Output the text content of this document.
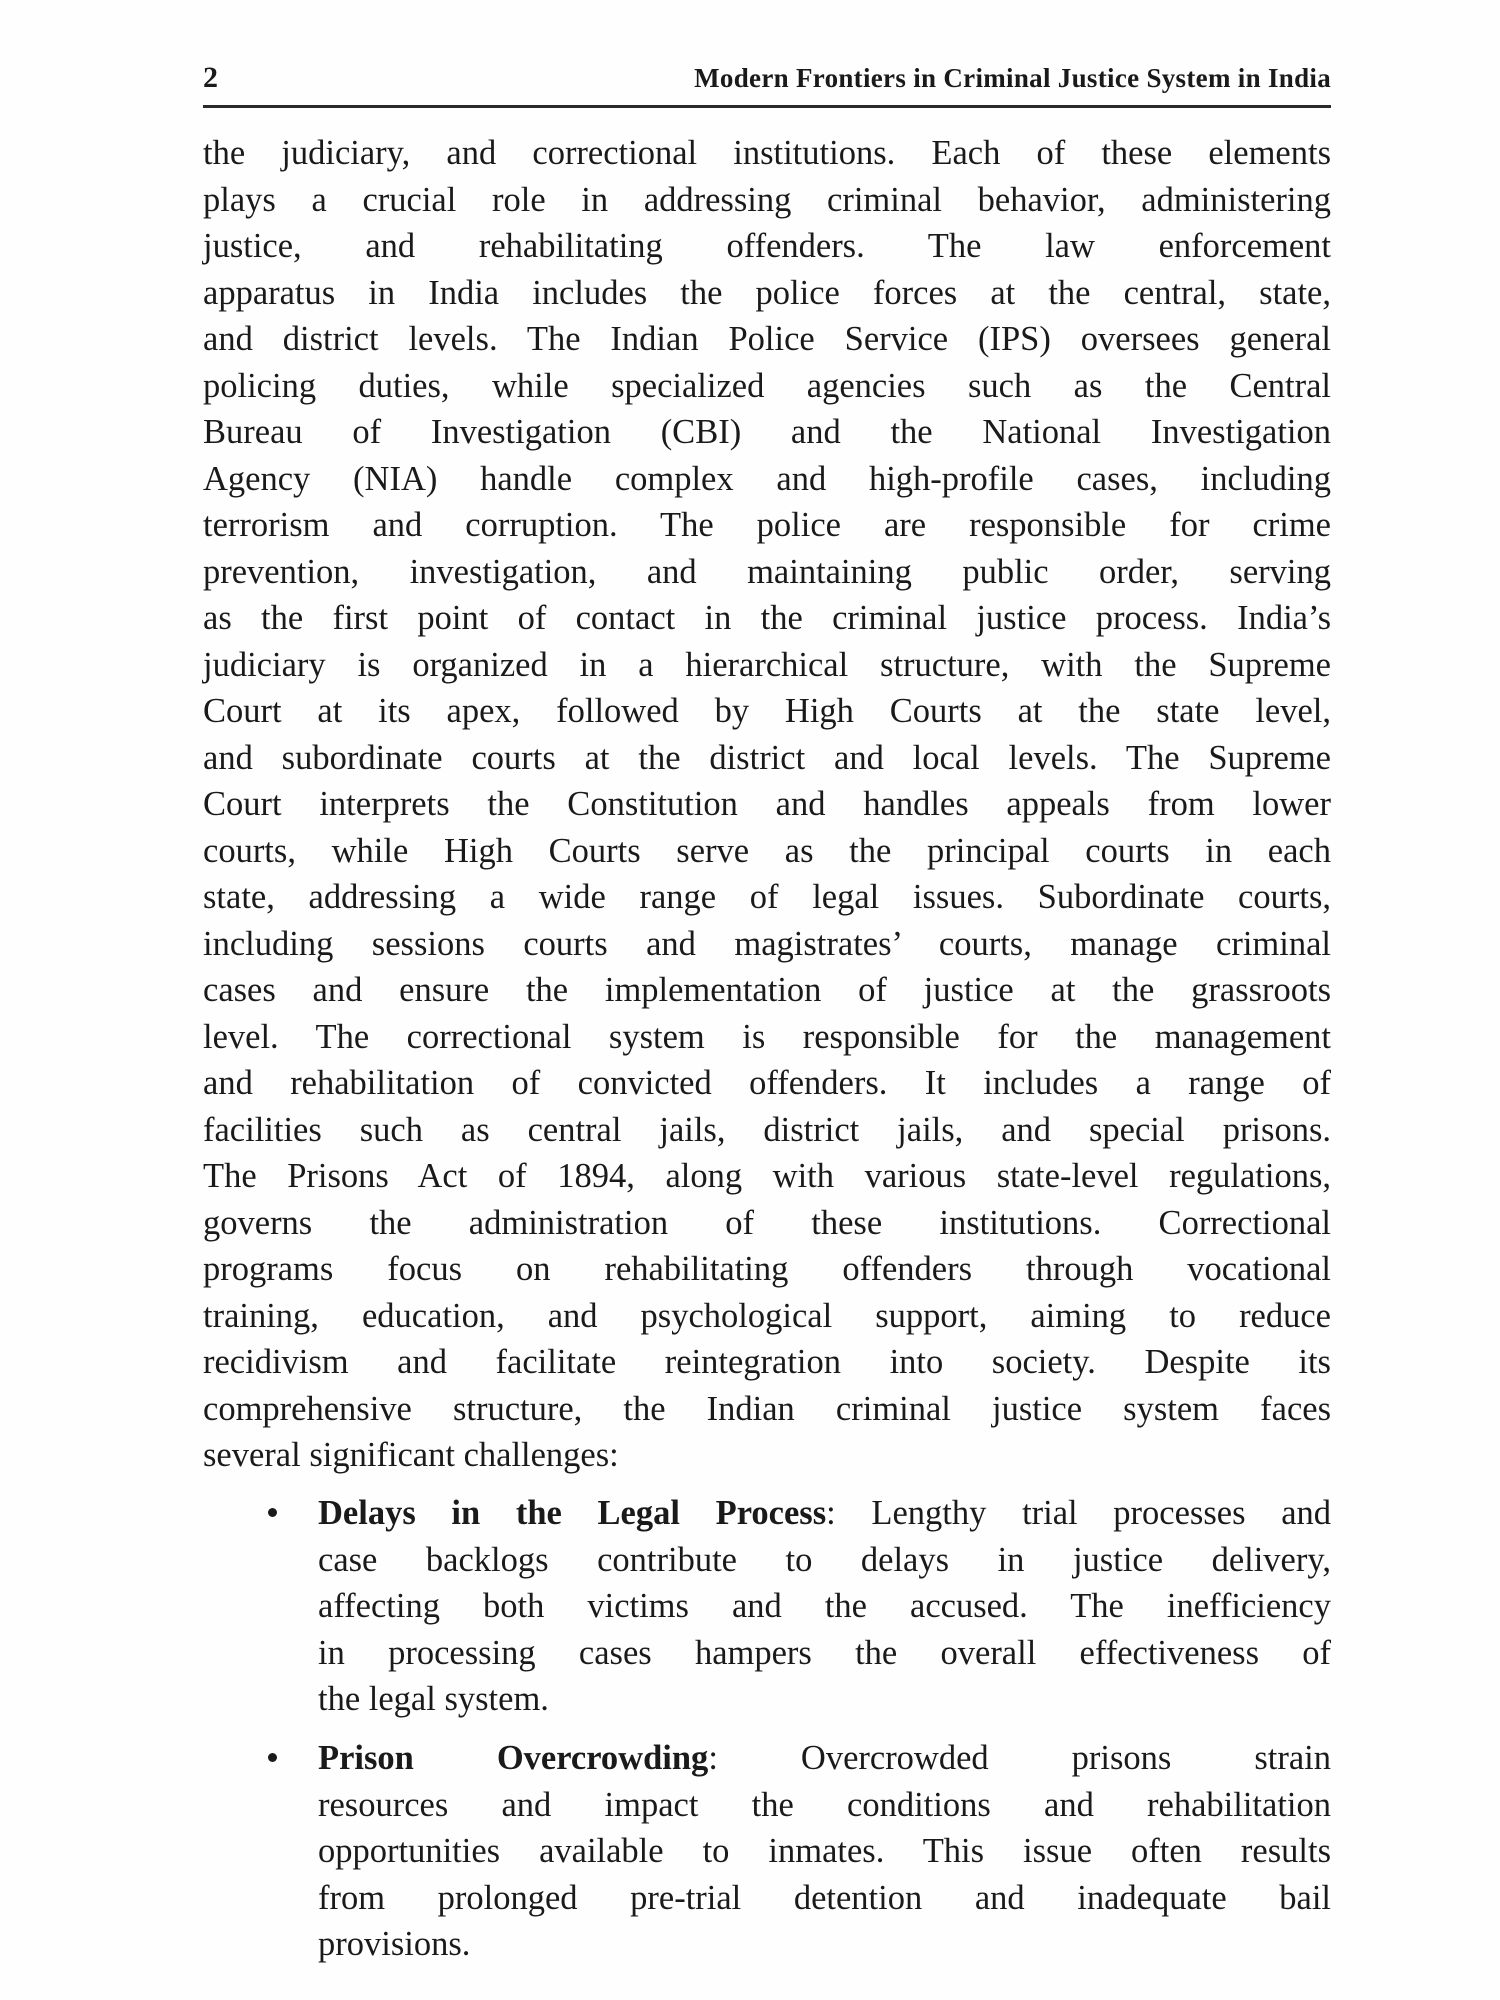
2	Modern Frontiers in Criminal Justice System in India
the judiciary, and correctional institutions. Each of these elements
plays a crucial role in addressing criminal behavior, administering
justice, and rehabilitating offenders. The law enforcement
apparatus in India includes the police forces at the central, state,
and district levels. The Indian Police Service (IPS) oversees general
policing duties, while specialized agencies such as the Central
Bureau of Investigation (CBI) and the National Investigation
Agency (NIA) handle complex and high-profile cases, including
terrorism and corruption. The police are responsible for crime
prevention, investigation, and maintaining public order, serving
as the first point of contact in the criminal justice process. India’s
judiciary is organized in a hierarchical structure, with the Supreme
Court at its apex, followed by High Courts at the state level,
and subordinate courts at the district and local levels. The Supreme
Court interprets the Constitution and handles appeals from lower
courts, while High Courts serve as the principal courts in each
state, addressing a wide range of legal issues. Subordinate courts,
including sessions courts and magistrates’ courts, manage criminal
cases and ensure the implementation of justice at the grassroots
level. The correctional system is responsible for the management
and rehabilitation of convicted offenders. It includes a range of
facilities such as central jails, district jails, and special prisons.
The Prisons Act of 1894, along with various state-level regulations,
governs the administration of these institutions. Correctional
programs focus on rehabilitating offenders through vocational
training, education, and psychological support, aiming to reduce
recidivism and facilitate reintegration into society. Despite its
comprehensive structure, the Indian criminal justice system faces
several significant challenges:
Delays in the Legal Process: Lengthy trial processes and
case backlogs contribute to delays in justice delivery,
affecting both victims and the accused. The inefficiency
in processing cases hampers the overall effectiveness of
the legal system.
Prison Overcrowding: Overcrowded prisons strain
resources and impact the conditions and rehabilitation
opportunities available to inmates. This issue often results
from prolonged pre-trial detention and inadequate bail
provisions.
